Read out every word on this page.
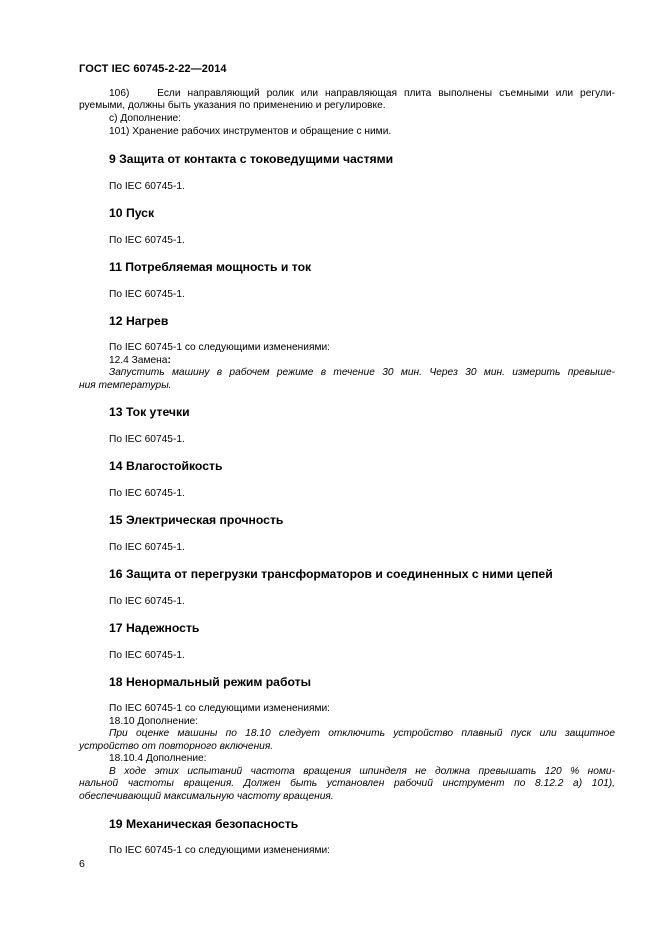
ГОСТ IEC 60745-2-22—2014
106)	Если направляющий ролик или направляющая плита выполнены съемными или регули-
руемыми, должны быть указания по применению и регулировке.
с) Дополнение:
101) Хранение рабочих инструментов и обращение с ними.
9 Защита от контакта с токоведущими частями
По IEC 60745-1.
10 Пуск
По IEC 60745-1.
11 Потребляемая мощность и ток
По IEC 60745-1.
12 Нагрев
По IEC 60745-1 со следующими изменениями:
12.4 Замена:
Запустить машину в рабочем режиме в течение 30 мин. Через 30 мин. измерить превыше-
ния температуры.
13 Ток утечки
По IEC 60745-1.
14 Влагостойкость
По IEC 60745-1.
15 Электрическая прочность
По IEC 60745-1.
16 Защита от перегрузки трансформаторов и соединенных с ними цепей
По IEC 60745-1.
17 Надежность
По IEC 60745-1.
18 Ненормальный режим работы
По IEC 60745-1 со следующими изменениями:
18.10 Дополнение:
При оценке машины по 18.10 следует отключить устройство плавный пуск или защитное
устройство от повторного включения.
18.10.4 Дополнение:
В ходе этих испытаний частота вращения шпинделя не должна превышать 120 % номи-
нальной частоты вращения. Должен быть установлен рабочий инструмент по 8.12.2 а) 101),
обеспечивающий максимальную частоту вращения.
19 Механическая безопасность
По IEC 60745-1 со следующими изменениями:
6
